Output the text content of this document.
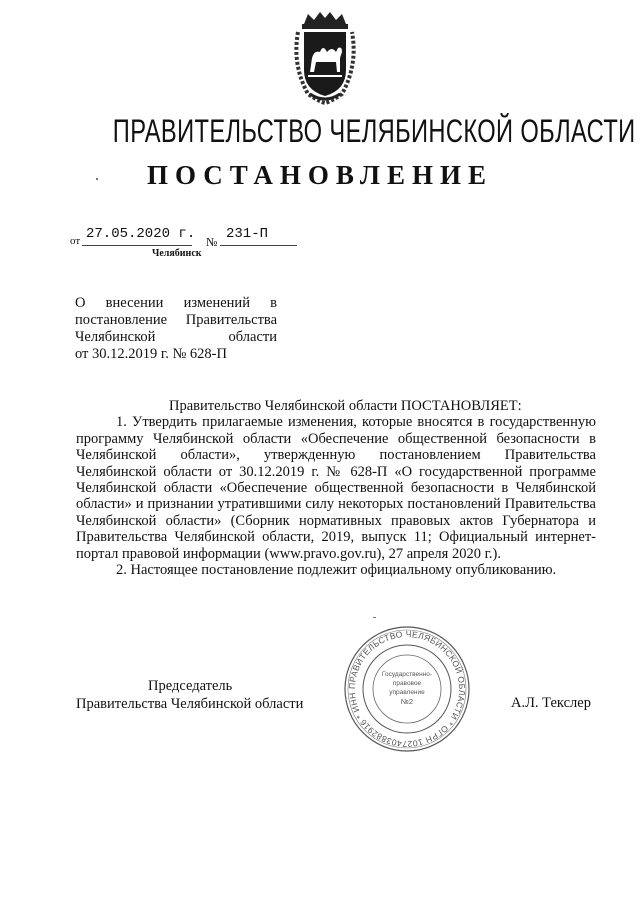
ПРАВИТЕЛЬСТВО ЧЕЛЯБИНСКОЙ ОБЛАСТИ
ПОСТАНОВЛЕНИЕ
от 27.05.2020 г. № 231-П
Челябинск
О внесении изменений в
постановление Правительства
Челябинской области
от 30.12.2019 г. № 628-П

Правительство Челябинской области ПОСТАНОВЛЯЕТ:

1. Утвердить прилагаемые изменения, которые вносятся в государственную программу Челябинской области «Обеспечение общественной безопасности в Челябинской области», утвержденную постановлением Правительства Челябинской области от 30.12.2019 г. № 628-П «О государственной программе Челябинской области «Обеспечение общественной безопасности в Челябинской области» и признании утратившими силу некоторых постановлений Правительства Челябинской области» (Сборник нормативных правовых актов Губернатора и Правительства Челябинской области, 2019, выпуск 11; Официальный интернет-портал правовой информации (www.pravo.gov.ru), 27 апреля 2020 г.).

2. Настоящее постановление подлежит официальному опубликованию.

ПРАВИТЕЛЬСТВО ЧЕЛЯБИНСКОЙ ОБЛАСТИ * ОГРН 1027403882916 * ИНН
Государственно-
правовое
управление
№2
Председатель
Правительства Челябинской области	А.Л. Текслер
